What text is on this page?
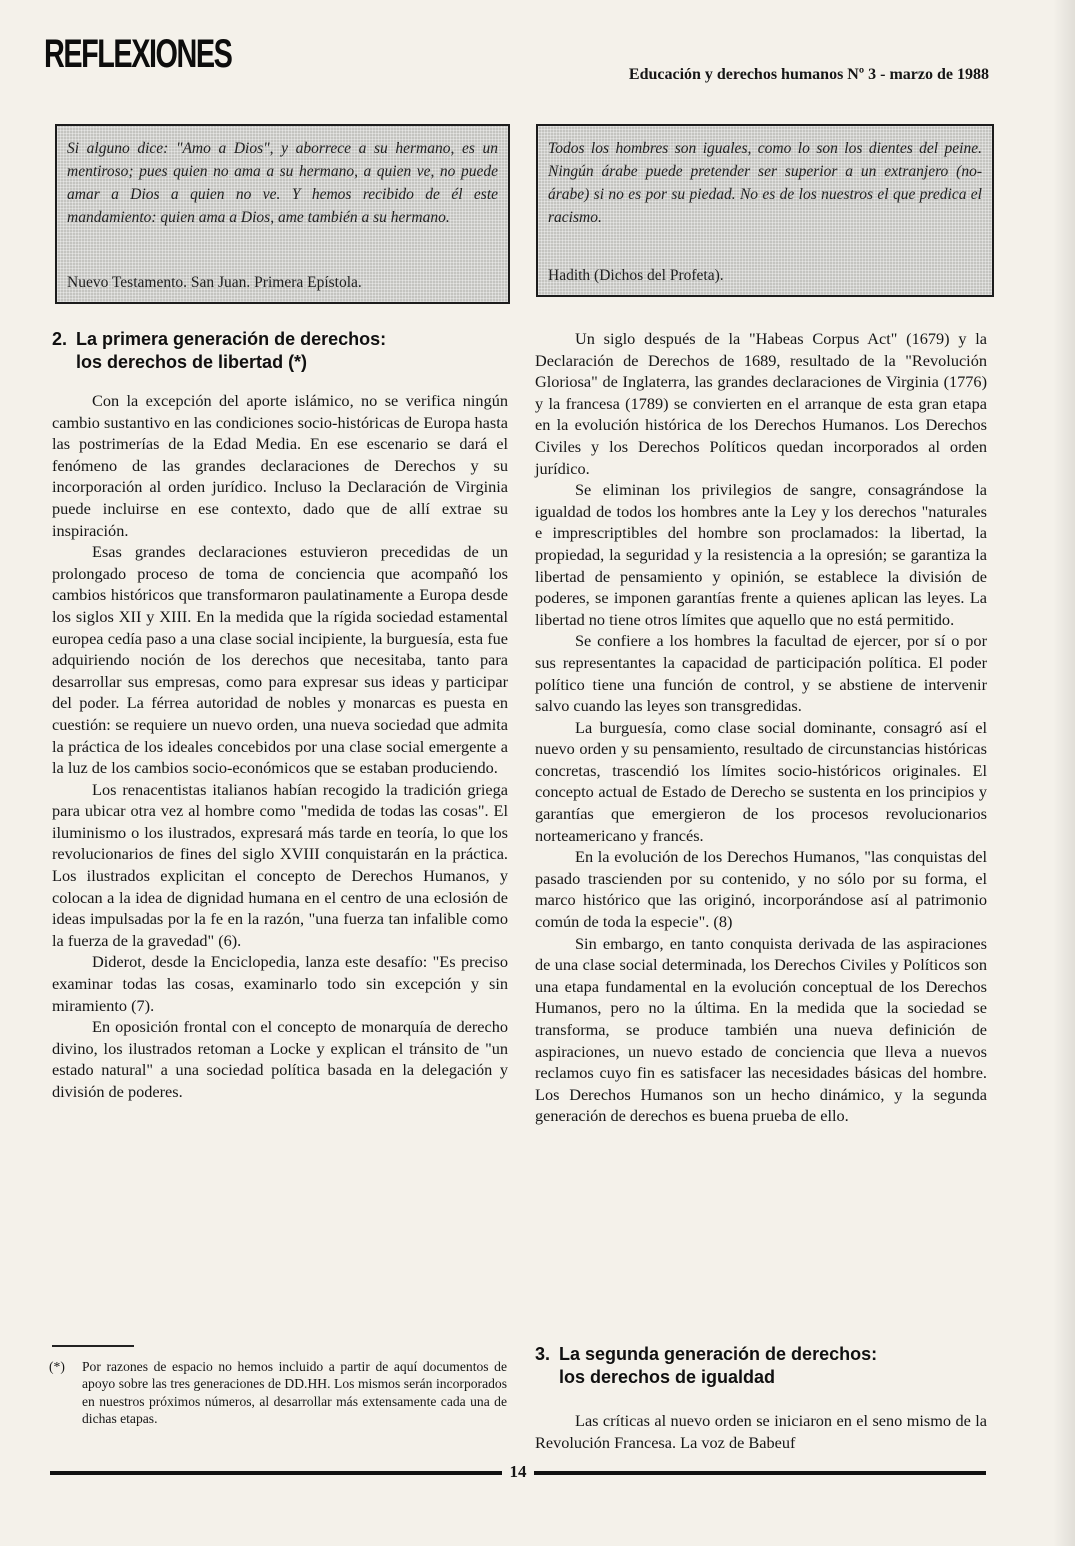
REFLEXIONES	Educación y derechos humanos Nº 3 - marzo de 1988
Si alguno dice: "Amo a Dios", y aborrece a su hermano, es un mentiroso; pues quien no ama a su hermano, a quien ve, no puede amar a Dios a quien no ve. Y hemos recibido de él este mandamiento: quien ama a Dios, ame también a su hermano.
Nuevo Testamento. San Juan. Primera Epístola.
Todos los hombres son iguales, como lo son los dientes del peine. Ningún árabe puede pretender ser superior a un extranjero (no-árabe) si no es por su piedad. No es de los nuestros el que predica el racismo.
Hadith (Dichos del Profeta).
2. La primera generación de derechos:
los derechos de libertad (*)

Con la excepción del aporte islámico, no se verifica ningún cambio sustantivo en las condiciones socio-históricas de Europa hasta las postrimerías de la Edad Media. En ese escenario se dará el fenómeno de las grandes declaraciones de Derechos y su incorporación al orden jurídico. Incluso la Declaración de Virginia puede incluirse en ese contexto, dado que de allí extrae su inspiración.

Esas grandes declaraciones estuvieron precedidas de un prolongado proceso de toma de conciencia que acompañó los cambios históricos que transformaron paulatinamente a Europa desde los siglos XII y XIII. En la medida que la rígida sociedad estamental europea cedía paso a una clase social incipiente, la burguesía, esta fue adquiriendo noción de los derechos que necesitaba, tanto para desarrollar sus empresas, como para expresar sus ideas y participar del poder. La férrea autoridad de nobles y monarcas es puesta en cuestión: se requiere un nuevo orden, una nueva sociedad que admita la práctica de los ideales concebidos por una clase social emergente a la luz de los cambios socio-económicos que se estaban produciendo.

Los renacentistas italianos habían recogido la tradición griega para ubicar otra vez al hombre como "medida de todas las cosas". El iluminismo o los ilustrados, expresará más tarde en teoría, lo que los revolucionarios de fines del siglo XVIII conquistarán en la práctica. Los ilustrados explicitan el concepto de Derechos Humanos, y colocan a la idea de dignidad humana en el centro de una eclosión de ideas impulsadas por la fe en la razón, "una fuerza tan infalible como la fuerza de la gravedad" (6).

Diderot, desde la Enciclopedia, lanza este desafío: "Es preciso examinar todas las cosas, examinarlo todo sin excepción y sin miramiento (7).

En oposición frontal con el concepto de monarquía de derecho divino, los ilustrados retoman a Locke y explican el tránsito de "un estado natural" a una sociedad política basada en la delegación y división de poderes.

Un siglo después de la "Habeas Corpus Act" (1679) y la Declaración de Derechos de 1689, resultado de la "Revolución Gloriosa" de Inglaterra, las grandes declaraciones de Virginia (1776) y la francesa (1789) se convierten en el arranque de esta gran etapa en la evolución histórica de los Derechos Humanos. Los Derechos Civiles y los Derechos Políticos quedan incorporados al orden jurídico.

Se eliminan los privilegios de sangre, consagrándose la igualdad de todos los hombres ante la Ley y los derechos "naturales e imprescriptibles del hombre son proclamados: la libertad, la propiedad, la seguridad y la resistencia a la opresión; se garantiza la libertad de pensamiento y opinión, se establece la división de poderes, se imponen garantías frente a quienes aplican las leyes. La libertad no tiene otros límites que aquello que no está permitido.

Se confiere a los hombres la facultad de ejercer, por sí o por sus representantes la capacidad de participación política. El poder político tiene una función de control, y se abstiene de intervenir salvo cuando las leyes son transgredidas.

La burguesía, como clase social dominante, consagró así el nuevo orden y su pensamiento, resultado de circunstancias históricas concretas, trascendió los límites socio-históricos originales. El concepto actual de Estado de Derecho se sustenta en los principios y garantías que emergieron de los procesos revolucionarios norteamericano y francés.

En la evolución de los Derechos Humanos, "las conquistas del pasado trascienden por su contenido, y no sólo por su forma, el marco histórico que las originó, incorporándose así al patrimonio común de toda la especie". (8)

Sin embargo, en tanto conquista derivada de las aspiraciones de una clase social determinada, los Derechos Civiles y Políticos son una etapa fundamental en la evolución conceptual de los Derechos Humanos, pero no la última. En la medida que la sociedad se transforma, se produce también una nueva definición de aspiraciones, un nuevo estado de conciencia que lleva a nuevos reclamos cuyo fin es satisfacer las necesidades básicas del hombre. Los Derechos Humanos son un hecho dinámico, y la segunda generación de derechos es buena prueba de ello.

3. La segunda generación de derechos:
los derechos de igualdad

Las críticas al nuevo orden se iniciaron en el seno mismo de la Revolución Francesa. La voz de Babeuf

(*) Por razones de espacio no hemos incluido a partir de aquí documentos de apoyo sobre las tres generaciones de DD.HH. Los mismos serán incorporados en nuestros próximos números, al desarrollar más extensamente cada una de dichas etapas.
14
